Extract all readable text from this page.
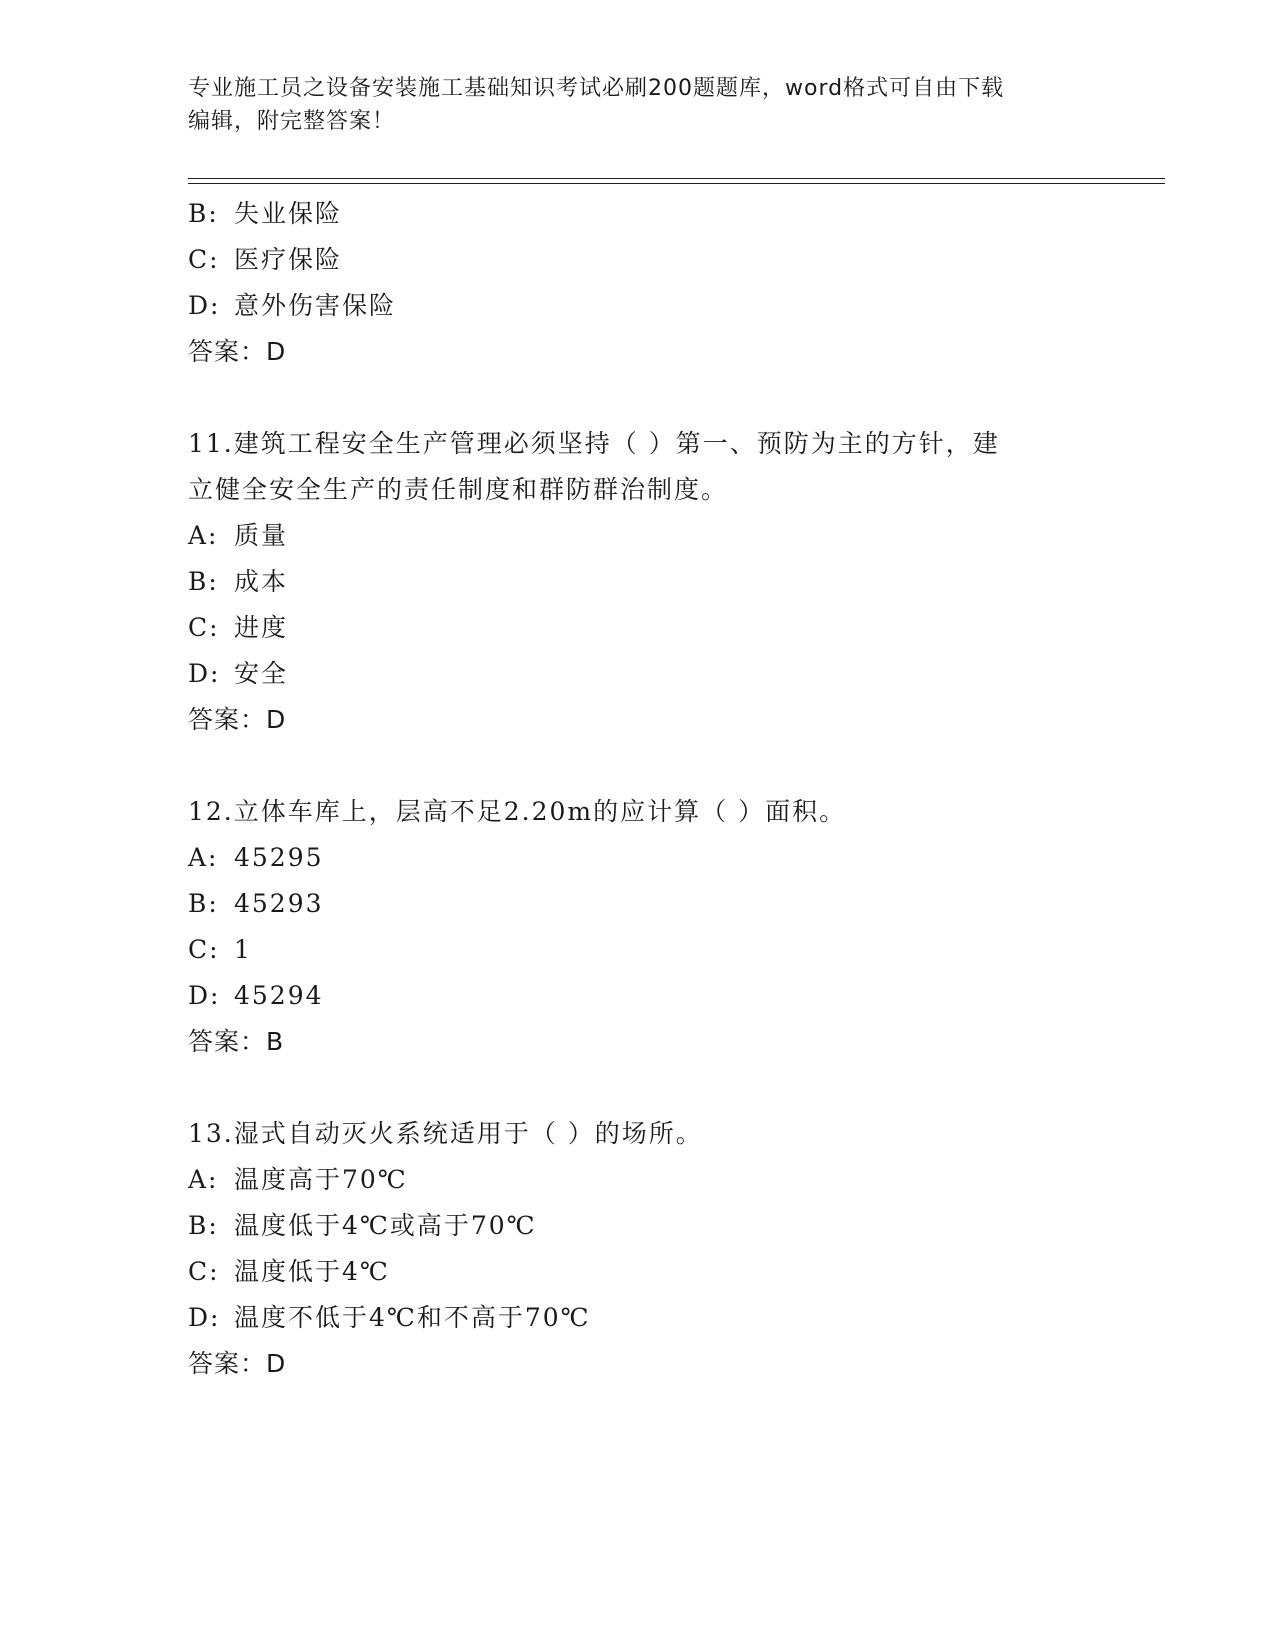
专业施工员之设备安装施工基础知识考试必刷200题题库，word格式可自由下载
编辑，附完整答案！
B: 失业保险
C: 医疗保险
D: 意外伤害保险
答案：D
11.建筑工程安全生产管理必须坚持（ ）第一、预防为主的方针，建
立健全安全生产的责任制度和群防群治制度。
A: 质量
B: 成本
C: 进度
D: 安全
答案：D
12.立体车库上，层高不足2.20m的应计算（ ）面积。
A: 45295
B: 45293
C: 1
D: 45294
答案：B
13.湿式自动灭火系统适用于（ ）的场所。
A: 温度高于70℃
B: 温度低于4℃或高于70℃
C: 温度低于4℃
D: 温度不低于4℃和不高于70℃
答案：D
